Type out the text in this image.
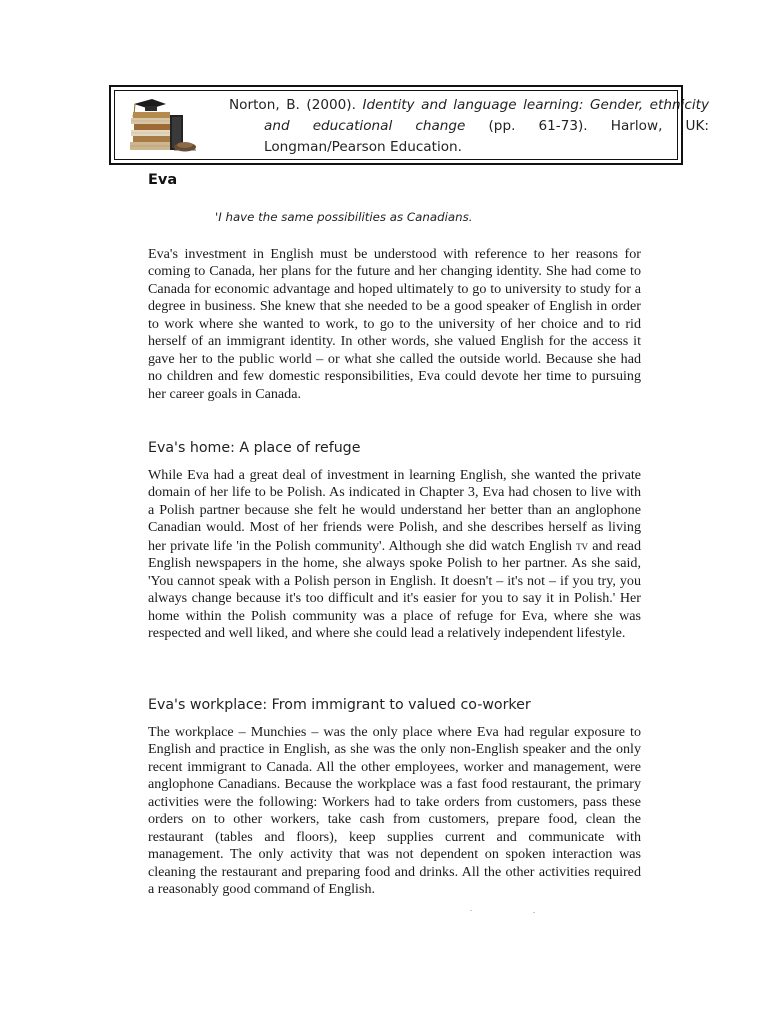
Norton, B. (2000). Identity and language learning: Gender, ethnicity and educational change (pp. 61-73). Harlow, UK: Longman/Pearson Education.

Eva

'I have the same possibilities as Canadians.

Eva's investment in English must be understood with reference to her reasons for coming to Canada, her plans for the future and her changing identity. She had come to Canada for economic advantage and hoped ultimately to go to university to study for a degree in business. She knew that she needed to be a good speaker of English in order to work where she wanted to work, to go to the university of her choice and to rid herself of an immigrant identity. In other words, she valued English for the access it gave her to the public world – or what she called the outside world. Because she had no children and few domestic responsibilities, Eva could devote her time to pursuing her career goals in Canada.

Eva's home: A place of refuge

While Eva had a great deal of investment in learning English, she wanted the private domain of her life to be Polish. As indicated in Chapter 3, Eva had chosen to live with a Polish partner because she felt he would understand her better than an anglophone Canadian would. Most of her friends were Polish, and she describes herself as living her private life 'in the Polish community'. Although she did watch English tv and read English newspapers in the home, she always spoke Polish to her partner. As she said, 'You cannot speak with a Polish person in English. It doesn't – it's not – if you try, you always change because it's too difficult and it's easier for you to say it in Polish.' Her home within the Polish community was a place of refuge for Eva, where she was respected and well liked, and where she could lead a relatively independent lifestyle.

Eva's workplace: From immigrant to valued co-worker

The workplace – Munchies – was the only place where Eva had regular exposure to English and practice in English, as she was the only non-English speaker and the only recent immigrant to Canada. All the other employees, worker and management, were anglophone Canadians. Because the workplace was a fast food restaurant, the primary activities were the following: Workers had to take orders from customers, pass these orders on to other workers, take cash from customers, prepare food, clean the restaurant (tables and floors), keep supplies current and communicate with management. The only activity that was not dependent on spoken interaction was cleaning the restaurant and preparing food and drinks. All the other activities required a reasonably good command of English.
